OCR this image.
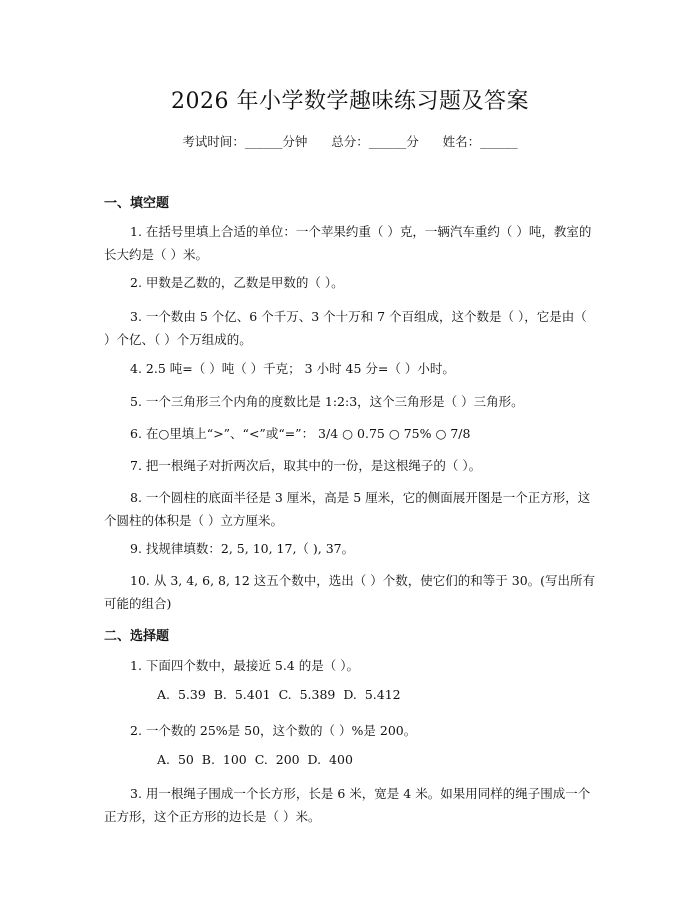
2026 年小学数学趣味练习题及答案
考试时间：______分钟      总分：______分      姓名：______
一、填空题
1. 在括号里填上合适的单位：一个苹果约重（ ）克，一辆汽车重约（ ）吨，教室的长大约是（ ）米。
2. 甲数是乙数的，乙数是甲数的（ ）。
3. 一个数由 5 个亿、6 个千万、3 个十万和 7 个百组成，这个数是（ ），它是由（ ）个亿、（ ）个万组成的。
4. 2.5 吨=（ ）吨（ ）千克； 3 小时 45 分=（ ）小时。
5. 一个三角形三个内角的度数比是 1:2:3，这个三角形是（ ）三角形。
6. 在○里填上“>”、“<”或“=”： 3/4 ○ 0.75 ○ 75% ○ 7/8
7. 把一根绳子对折两次后，取其中的一份，是这根绳子的（ ）。
8. 一个圆柱的底面半径是 3 厘米，高是 5 厘米，它的侧面展开图是一个正方形，这个圆柱的体积是（ ）立方厘米。
9. 找规律填数：2, 5, 10, 17,（ ), 37。
10. 从 3, 4, 6, 8, 12 这五个数中，选出（ ）个数，使它们的和等于 30。(写出所有可能的组合)
二、选择题
1. 下面四个数中，最接近 5.4 的是（ ）。
A.  5.39  B.  5.401  C.  5.389  D.  5.412
2. 一个数的 25%是 50，这个数的（ ）%是 200。
A.  50  B.  100  C.  200  D.  400
3. 用一根绳子围成一个长方形，长是 6 米，宽是 4 米。如果用同样的绳子围成一个正方形，这个正方形的边长是（ ）米。
